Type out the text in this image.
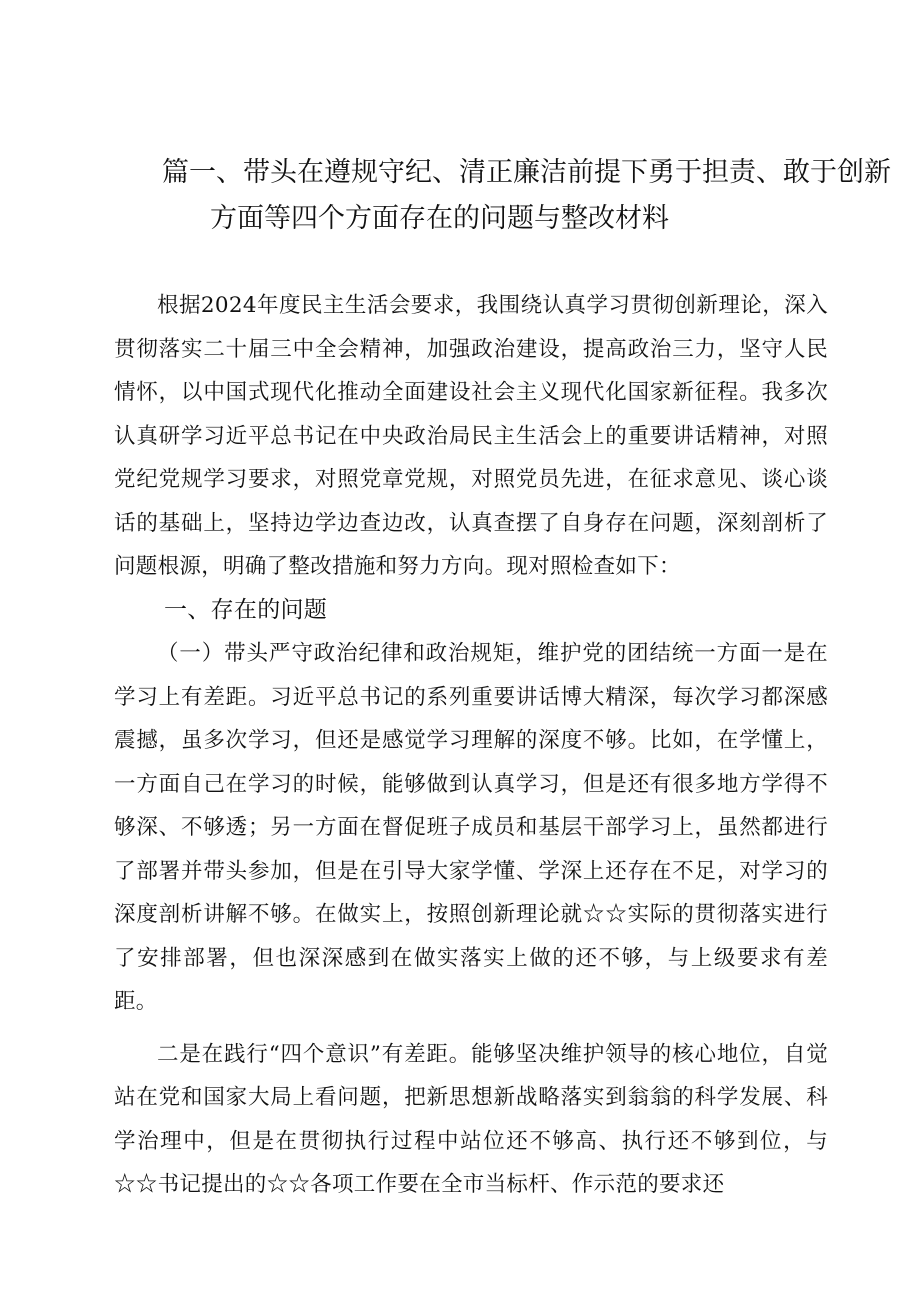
篇一、带头在遵规守纪、清正廉洁前提下勇于担责、敢于创新
方面等四个方面存在的问题与整改材料

根据2024年度民主生活会要求，我围绕认真学习贯彻创新理论，深入贯彻落实二十届三中全会精神，加强政治建设，提高政治三力，坚守人民情怀，以中国式现代化推动全面建设社会主义现代化国家新征程。我多次认真研学习近平总书记在中央政治局民主生活会上的重要讲话精神，对照党纪党规学习要求，对照党章党规，对照党员先进，在征求意见、谈心谈话的基础上，坚持边学边查边改，认真查摆了自身存在问题，深刻剖析了问题根源，明确了整改措施和努力方向。现对照检查如下：

一、存在的问题

（一）带头严守政治纪律和政治规矩，维护党的团结统一方面一是在学习上有差距。习近平总书记的系列重要讲话博大精深，每次学习都深感震撼，虽多次学习，但还是感觉学习理解的深度不够。比如，在学懂上，一方面自己在学习的时候，能够做到认真学习，但是还有很多地方学得不够深、不够透；另一方面在督促班子成员和基层干部学习上，虽然都进行了部署并带头参加，但是在引导大家学懂、学深上还存在不足，对学习的深度剖析讲解不够。在做实上，按照创新理论就☆☆实际的贯彻落实进行了安排部署，但也深深感到在做实落实上做的还不够，与上级要求有差距。

二是在践行“四个意识”有差距。能够坚决维护领导的核心地位，自觉站在党和国家大局上看问题，把新思想新战略落实到翁翁的科学发展、科学治理中，但是在贯彻执行过程中站位还不够高、执行还不够到位，与☆☆书记提出的☆☆各项工作要在全市当标杆、作示范的要求还
